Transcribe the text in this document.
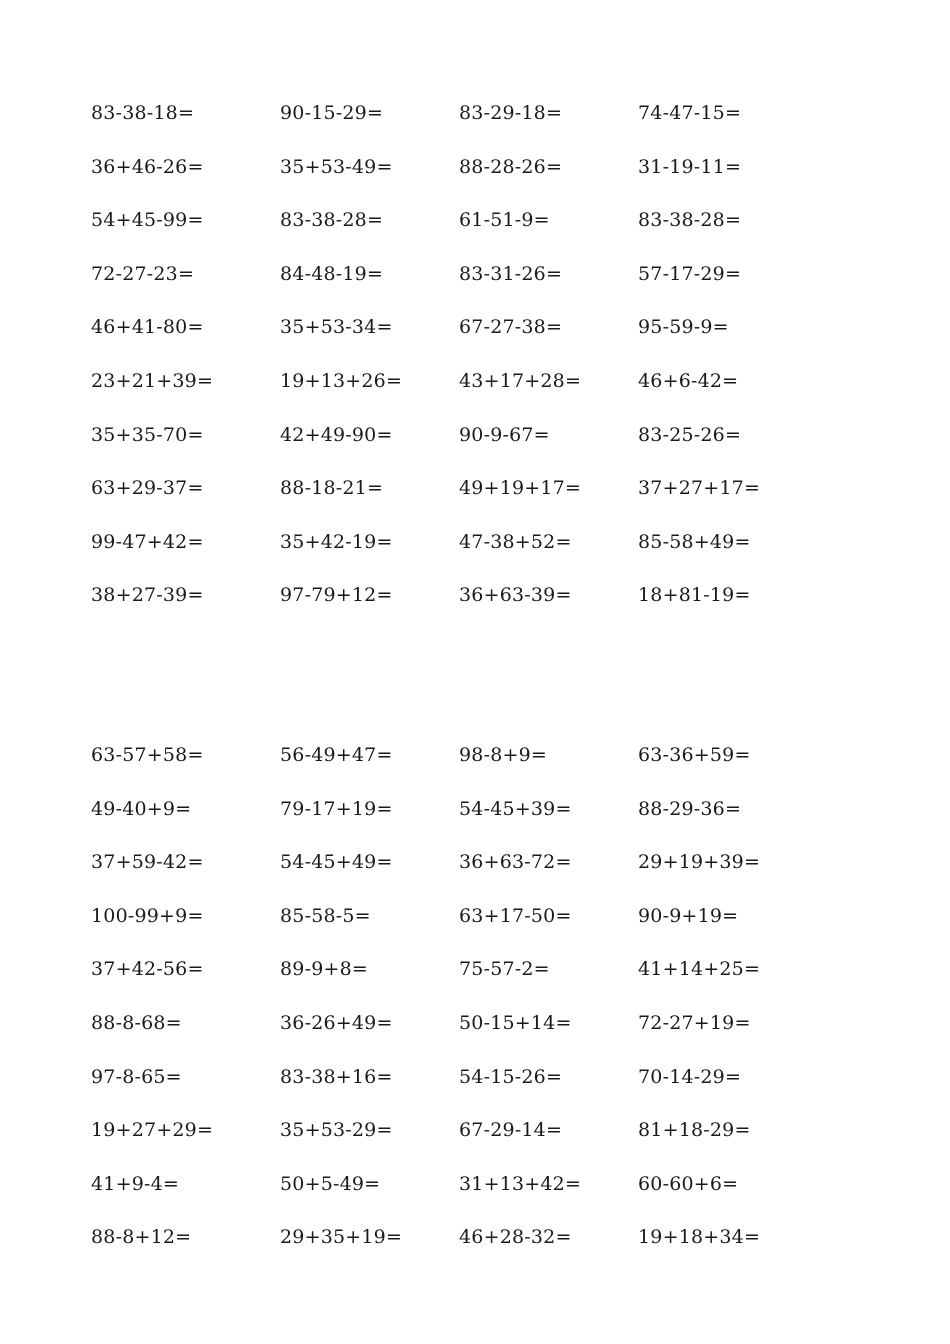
83-38-18=	90-15-29=	83-29-18=	74-47-15=
36+46-26=	35+53-49=	88-28-26=	31-19-11=
54+45-99=	83-38-28=	61-51-9=	83-38-28=
72-27-23=	84-48-19=	83-31-26=	57-17-29=
46+41-80=	35+53-34=	67-27-38=	95-59-9=
23+21+39=	19+13+26=	43+17+28=	46+6-42=
35+35-70=	42+49-90=	90-9-67=	83-25-26=
63+29-37=	88-18-21=	49+19+17=	37+27+17=
99-47+42=	35+42-19=	47-38+52=	85-58+49=
38+27-39=	97-79+12=	36+63-39=	18+81-19=
63-57+58=	56-49+47=	98-8+9=	63-36+59=
49-40+9=	79-17+19=	54-45+39=	88-29-36=
37+59-42=	54-45+49=	36+63-72=	29+19+39=
100-99+9=	85-58-5=	63+17-50=	90-9+19=
37+42-56=	89-9+8=	75-57-2=	41+14+25=
88-8-68=	36-26+49=	50-15+14=	72-27+19=
97-8-65=	83-38+16=	54-15-26=	70-14-29=
19+27+29=	35+53-29=	67-29-14=	81+18-29=
41+9-4=	50+5-49=	31+13+42=	60-60+6=
88-8+12=	29+35+19=	46+28-32=	19+18+34=
